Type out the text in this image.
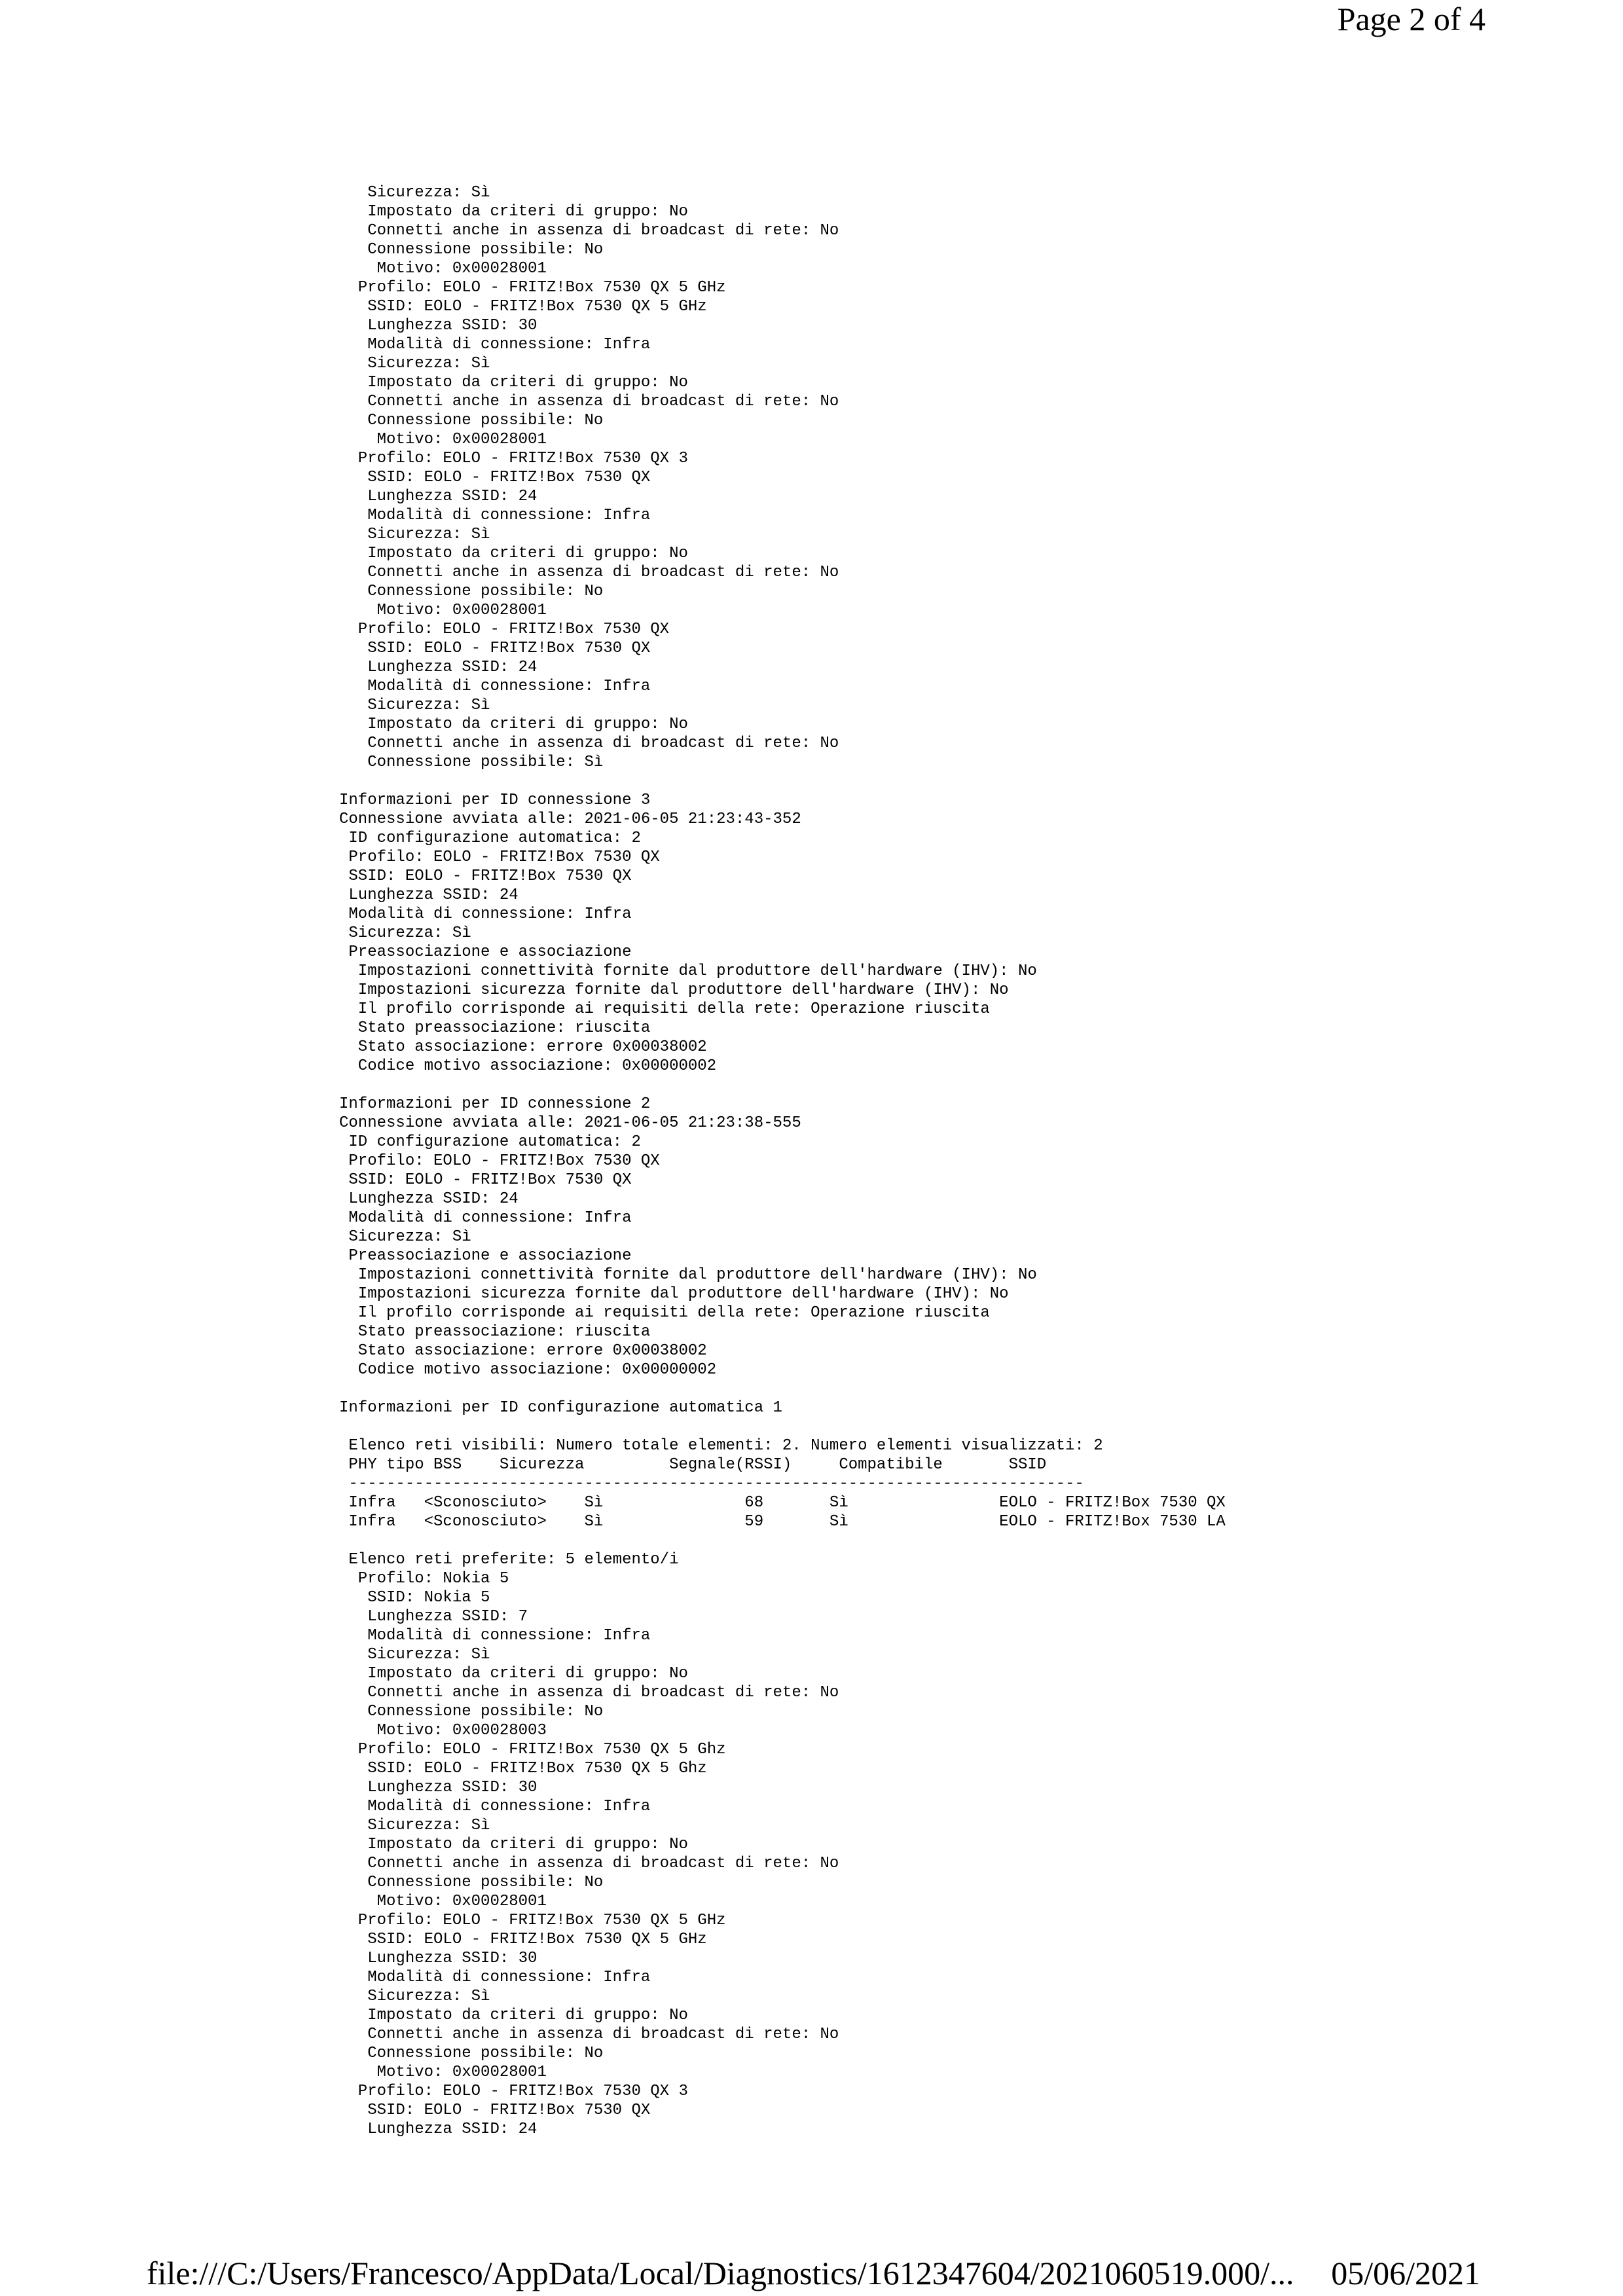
Page 2 of 4
Sicurezza: Sì
Impostato da criteri di gruppo: No
Connetti anche in assenza di broadcast di rete: No
Connessione possibile: No
Motivo: 0x00028001
Profilo: EOLO - FRITZ!Box 7530 QX 5 GHz
SSID: EOLO - FRITZ!Box 7530 QX 5 GHz
Lunghezza SSID: 30
Modalità di connessione: Infra
Sicurezza: Sì
Impostato da criteri di gruppo: No
Connetti anche in assenza di broadcast di rete: No
Connessione possibile: No
Motivo: 0x00028001
Profilo: EOLO - FRITZ!Box 7530 QX 3
SSID: EOLO - FRITZ!Box 7530 QX
Lunghezza SSID: 24
Modalità di connessione: Infra
Sicurezza: Sì
Impostato da criteri di gruppo: No
Connetti anche in assenza di broadcast di rete: No
Connessione possibile: No
Motivo: 0x00028001
Profilo: EOLO - FRITZ!Box 7530 QX
SSID: EOLO - FRITZ!Box 7530 QX
Lunghezza SSID: 24
Modalità di connessione: Infra
Sicurezza: Sì
Impostato da criteri di gruppo: No
Connetti anche in assenza di broadcast di rete: No
Connessione possibile: Sì
Informazioni per ID connessione 3
Connessione avviata alle: 2021-06-05 21:23:43-352
ID configurazione automatica: 2
Profilo: EOLO - FRITZ!Box 7530 QX
SSID: EOLO - FRITZ!Box 7530 QX
Lunghezza SSID: 24
Modalità di connessione: Infra
Sicurezza: Sì
Preassociazione e associazione
Impostazioni connettività fornite dal produttore dell'hardware (IHV): No
Impostazioni sicurezza fornite dal produttore dell'hardware (IHV): No
Il profilo corrisponde ai requisiti della rete: Operazione riuscita
Stato preassociazione: riuscita
Stato associazione: errore 0x00038002
Codice motivo associazione: 0x00000002
Informazioni per ID connessione 2
Connessione avviata alle: 2021-06-05 21:23:38-555
ID configurazione automatica: 2
Profilo: EOLO - FRITZ!Box 7530 QX
SSID: EOLO - FRITZ!Box 7530 QX
Lunghezza SSID: 24
Modalità di connessione: Infra
Sicurezza: Sì
Preassociazione e associazione
Impostazioni connettività fornite dal produttore dell'hardware (IHV): No
Impostazioni sicurezza fornite dal produttore dell'hardware (IHV): No
Il profilo corrisponde ai requisiti della rete: Operazione riuscita
Stato preassociazione: riuscita
Stato associazione: errore 0x00038002
Codice motivo associazione: 0x00000002
Informazioni per ID configurazione automatica 1
Elenco reti visibili: Numero totale elementi: 2. Numero elementi visualizzati: 2
PHY tipo BSS    Sicurezza         Segnale(RSSI)     Compatibile       SSID
------------------------------------------------------------------------------
Infra   <Sconosciuto>    Sì               68       Sì                EOLO - FRITZ!Box 7530 QX
Infra   <Sconosciuto>    Sì               59       Sì                EOLO - FRITZ!Box 7530 LA
Elenco reti preferite: 5 elemento/i
Profilo: Nokia 5
SSID: Nokia 5
Lunghezza SSID: 7
Modalità di connessione: Infra
Sicurezza: Sì
Impostato da criteri di gruppo: No
Connetti anche in assenza di broadcast di rete: No
Connessione possibile: No
Motivo: 0x00028003
Profilo: EOLO - FRITZ!Box 7530 QX 5 Ghz
SSID: EOLO - FRITZ!Box 7530 QX 5 Ghz
Lunghezza SSID: 30
Modalità di connessione: Infra
Sicurezza: Sì
Impostato da criteri di gruppo: No
Connetti anche in assenza di broadcast di rete: No
Connessione possibile: No
Motivo: 0x00028001
Profilo: EOLO - FRITZ!Box 7530 QX 5 GHz
SSID: EOLO - FRITZ!Box 7530 QX 5 GHz
Lunghezza SSID: 30
Modalità di connessione: Infra
Sicurezza: Sì
Impostato da criteri di gruppo: No
Connetti anche in assenza di broadcast di rete: No
Connessione possibile: No
Motivo: 0x00028001
Profilo: EOLO - FRITZ!Box 7530 QX 3
SSID: EOLO - FRITZ!Box 7530 QX
Lunghezza SSID: 24
file:///C:/Users/Francesco/AppData/Local/Diagnostics/1612347604/2021060519.000/... 05/06/2021
